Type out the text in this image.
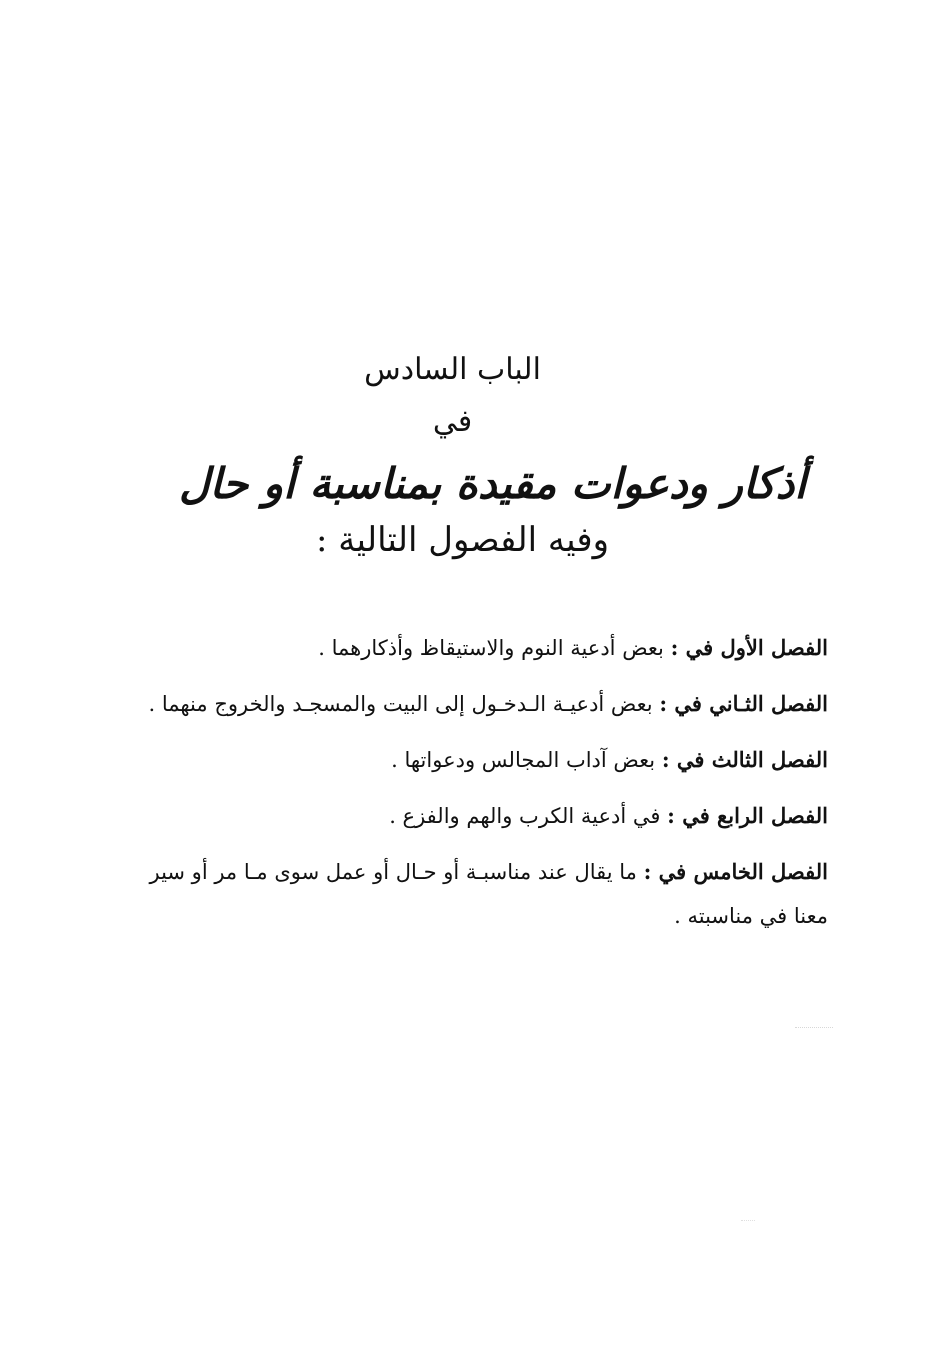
الباب السادس
في
أذكار ودعوات مقيدة بمناسبة أو حال
وفيه الفصول التالية :

الفصل الأول في : بعض أدعية النوم والاستيقاظ وأذكارهما .

الفصل الثـاني في : بعض أدعيـة الـدخـول إلى البيت والمسجـد والخروج منهما .

الفصل الثالث في : بعض آداب المجالس ودعواتها .

الفصل الرابع في : في أدعية الكرب والهم والفزع .

الفصل الخامس في : ما يقال عند مناسبـة أو حـال أو عمل سوى مـا مر أو سير معنا في مناسبته .
